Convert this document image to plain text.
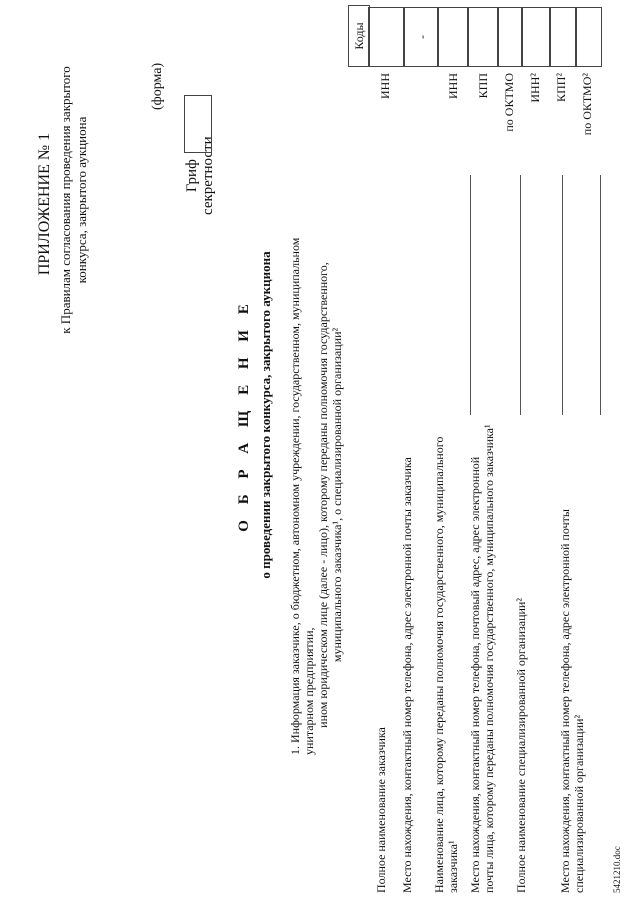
ПРИЛОЖЕНИЕ № 1 к Правилам согласования проведения закрытого конкурса, закрытого аукциона
(форма)
Гриф секретности
О Б Р А Щ Е Н И Е о проведении закрытого конкурса, закрытого аукциона 1. Информация заказчике, о бюджетном, автономном учреждении, государственном, муниципальном унитарном предприятии, ином юридическом лице (далее - лицо), которому переданы полномочия государственного, муниципального заказчика¹, о специализированной организации²
Коды
ИНН
-
ИНН КПП по ОКТМО ИНН² КПП² по ОКТМО²
Полное наименование заказчика Место нахождения, контактный номер телефона, адрес электронной почты заказчика Наименование лица, которому переданы полномочия государственного, муниципального заказчика¹ Место нахождения, контактный номер телефона, почтовый адрес, адрес электронной почты лица, которому переданы полномочия государственного, муниципального заказчика¹ Полное наименование специализированной организации²	Место нахождения, контактный номер телефона, адрес электронной почты специализированной организации²	5421210.doc
